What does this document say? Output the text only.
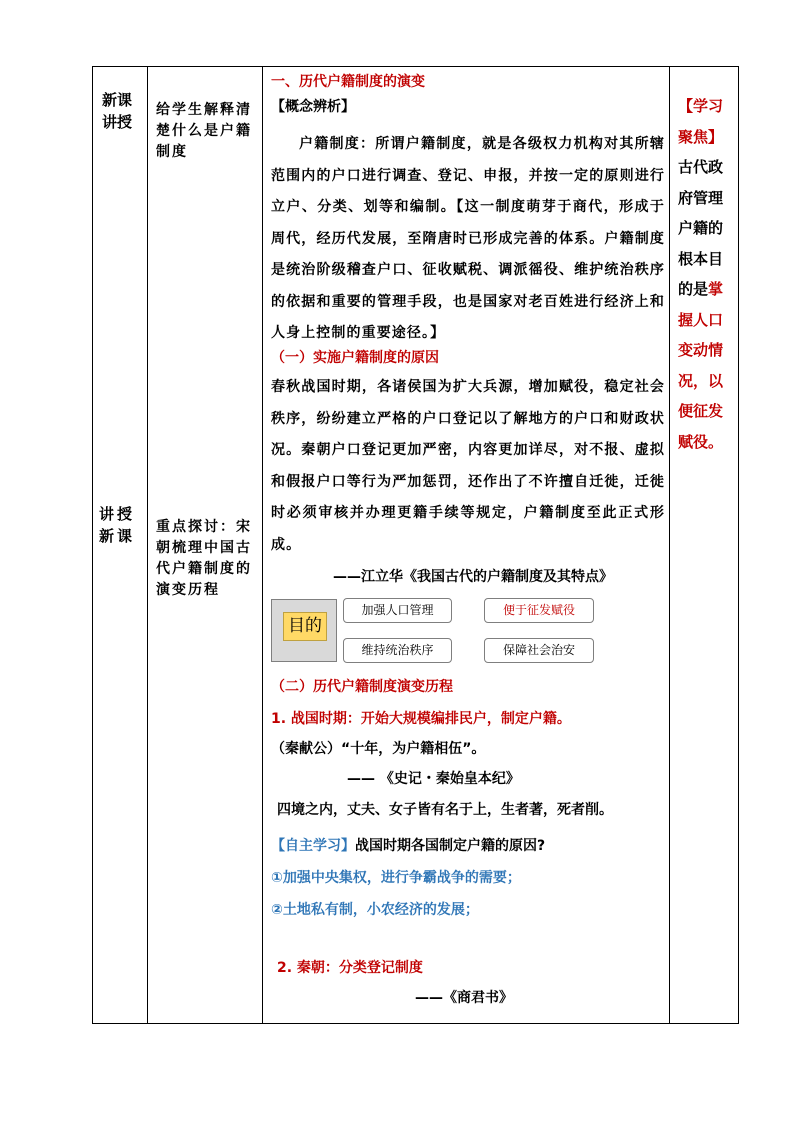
新课讲授
讲授新课
给学生解释清楚什么是户籍制度
重点探讨：宋朝梳理中国古代户籍制度的演变历程
一、历代户籍制度的演变
【概念辨析】
户籍制度：所谓户籍制度，就是各级权力机构对其所辖范围内的户口进行调查、登记、申报，并按一定的原则进行立户、分类、划等和编制。【这一制度萌芽于商代，形成于周代，经历代发展，至隋唐时已形成完善的体系。户籍制度是统治阶级稽查户口、征收赋税、调派徭役、维护统治秩序的依据和重要的管理手段，也是国家对老百姓进行经济上和人身上控制的重要途径。】
（一）实施户籍制度的原因
春秋战国时期，各诸侯国为扩大兵源，增加赋役，稳定社会秩序，纷纷建立严格的户口登记以了解地方的户口和财政状况。秦朝户口登记更加严密，内容更加详尽，对不报、虚拟和假报户口等行为严加惩罚，还作出了不许擅自迁徙，迁徙时必须审核并办理更籍手续等规定，户籍制度至此正式形成。
——江立华《我国古代的户籍制度及其特点》
目的
加强人口管理	便于征发赋役
维持统治秩序	保障社会治安
（二）历代户籍制度演变历程
1. 战国时期：开始大规模编排民户，制定户籍。
（秦献公）“十年，为户籍相伍”。
—— 《史记・秦始皇本纪》
四境之内，丈夫、女子皆有名于上，生者著，死者削。
【自主学习】战国时期各国制定户籍的原因?
①加强中央集权，进行争霸战争的需要；
②土地私有制，小农经济的发展；
2. 秦朝：分类登记制度
——《商君书》
【学习聚焦】古代政府管理户籍的根本目的是掌握人口变动情况，以便征发赋役。
